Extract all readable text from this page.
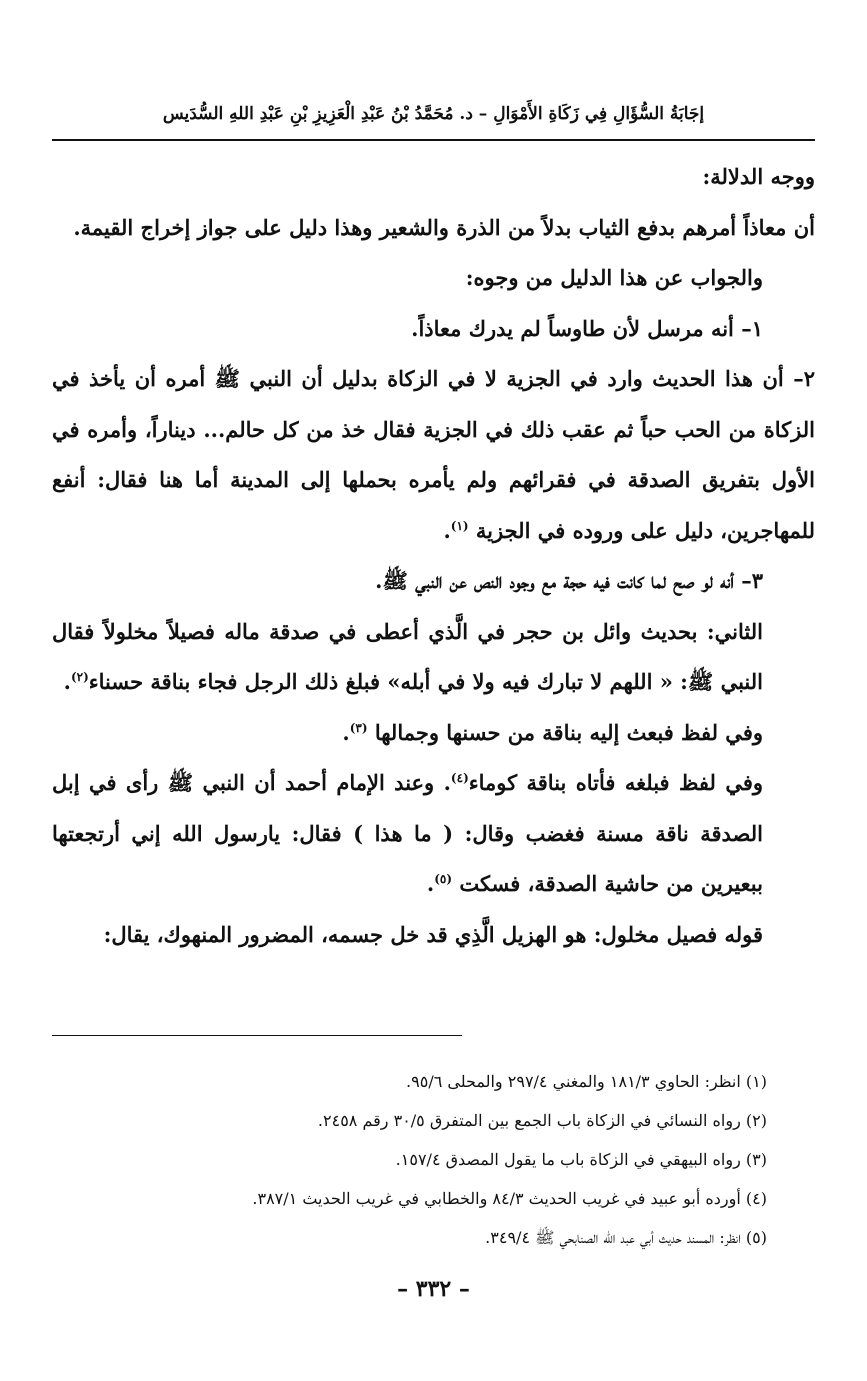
إجَابَةُ السُّؤَالِ فِي زَكَاةِ الأَمْوَالِ – د. مُحَمَّدُ بْنُ عَبْدِ الْعَزِيزِ بْنِ عَبْدِ اللهِ السُّدَيس

ووجه الدلالة:

أن معاذاً أمرهم بدفع الثياب بدلاً من الذرة والشعير وهذا دليل على جواز إخراج القيمة.

والجواب عن هذا الدليل من وجوه:

١– أنه مرسل لأن طاوساً لم يدرك معاذاً.

٢– أن هذا الحديث وارد في الجزية لا في الزكاة بدليل أن النبي ﷺ أمره أن يأخذ في الزكاة من الحب حباً ثم عقب ذلك في الجزية فقال خذ من كل حالم... ديناراً، وأمره في الأول بتفريق الصدقة في فقرائهم ولم يأمره بحملها إلى المدينة أما هنا فقال: أنفع للمهاجرين، دليل على وروده في الجزية $^{(١)}$.

٣– أنه لو صح لما كانت فيه حجة مع وجود النص عن النبي ﷺ.

الثاني: بحديث وائل بن حجر في الَّذي أعطى في صدقة ماله فصيلاً مخلولاً فقال النبي ﷺ: « اللهم لا تبارك فيه ولا في أبله» فبلغ ذلك الرجل فجاء بناقة حسناء$^{(٢)}$.

وفي لفظ فبعث إليه بناقة من حسنها وجمالها $^{(٣)}$.

وفي لفظ فبلغه فأتاه بناقة كوماء$^{(٤)}$. وعند الإمام أحمد أن النبي ﷺ رأى في إبل الصدقة ناقة مسنة فغضب وقال: ( ما هذا ) فقال: يارسول الله إني أرتجعتها ببعيرين من حاشية الصدقة، فسكت $^{(٥)}$.

قوله فصيل مخلول: هو الهزيل الَّذِي قد خل جسمه، المضرور المنهوك، يقال:

(١) انظر: الحاوي ١٨١/٣ والمغني ٢٩٧/٤ والمحلى ٩٥/٦.

(٢) رواه النسائي في الزكاة باب الجمع بين المتفرق ٣٠/٥ رقم ٢٤٥٨.

(٣) رواه البيهقي في الزكاة باب ما يقول المصدق ١٥٧/٤.

(٤) أورده أبو عبيد في غريب الحديث ٨٤/٣ والخطابي في غريب الحديث ٣٨٧/١.

(٥) انظر: المسند حديث أبي عبد الله الصنابحي ﷺ ٣٤٩/٤.

– ٣٣٢ –
